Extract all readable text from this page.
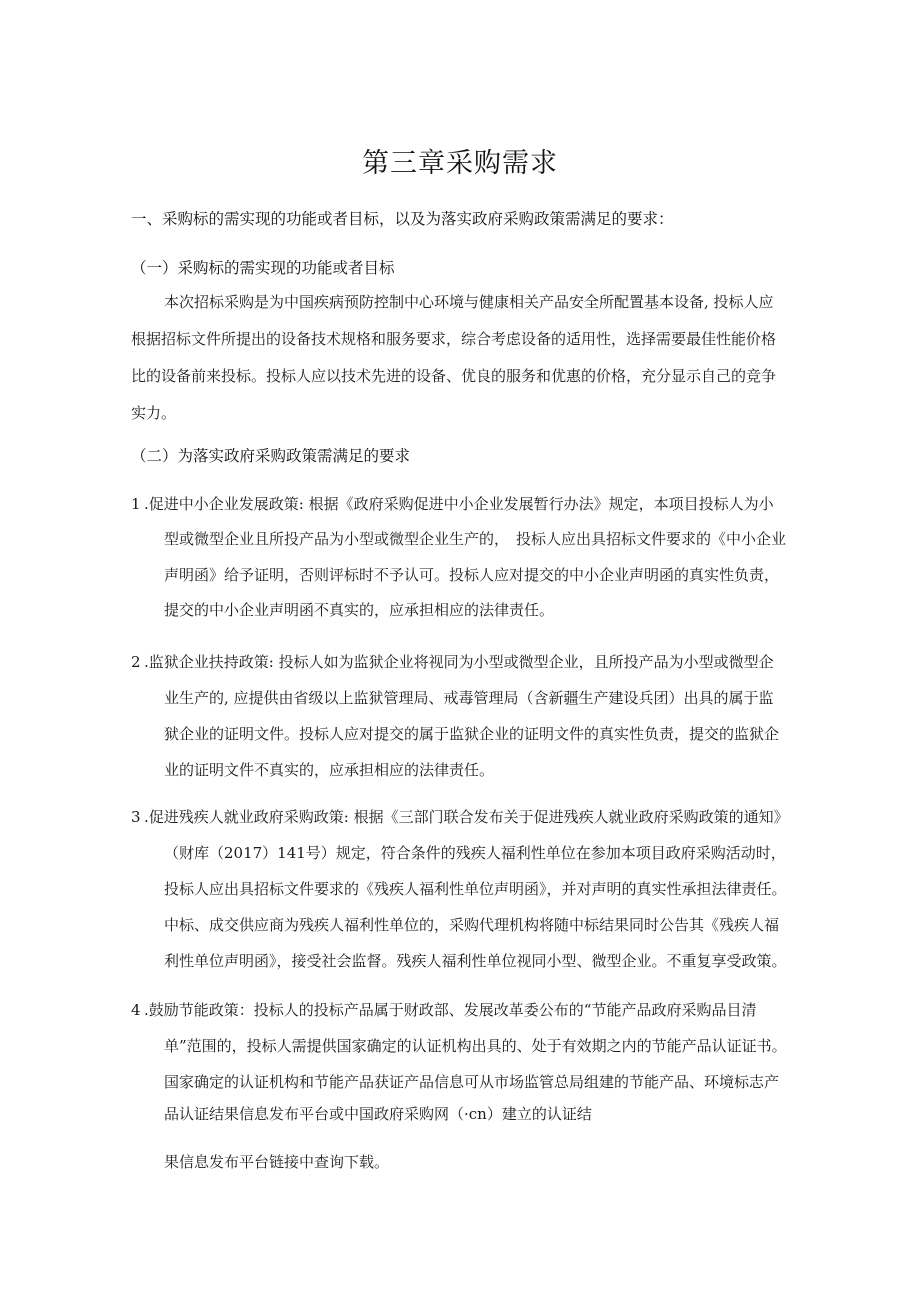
第三章采购需求
一、采购标的需实现的功能或者目标，以及为落实政府采购政策需满足的要求：
（一）采购标的需实现的功能或者目标
本次招标采购是为中国疾病预防控制中心环境与健康相关产品安全所配置基本设备, 投标人应
根据招标文件所提出的设备技术规格和服务要求，综合考虑设备的适用性，选择需要最佳性能价格
比的设备前来投标。投标人应以技术先进的设备、优良的服务和优惠的价格，充分显示自己的竞争
实力。
（二）为落实政府采购政策需满足的要求
1 .促进中小企业发展政策: 根据《政府采购促进中小企业发展暂行办法》规定，本项目投标人为小
型或微型企业且所投产品为小型或微型企业生产的， 投标人应出具招标文件要求的《中小企业
声明函》给予证明，否则评标时不予认可。投标人应对提交的中小企业声明函的真实性负责，
提交的中小企业声明函不真实的，应承担相应的法律责任。
2 .监狱企业扶持政策: 投标人如为监狱企业将视同为小型或微型企业，且所投产品为小型或微型企
业生产的, 应提供由省级以上监狱管理局、戒毒管理局（含新疆生产建设兵团）出具的属于监
狱企业的证明文件。投标人应对提交的属于监狱企业的证明文件的真实性负责，提交的监狱企
业的证明文件不真实的，应承担相应的法律责任。
3 .促进残疾人就业政府采购政策: 根据《三部门联合发布关于促进残疾人就业政府采购政策的通知》
（财库（2017）141号）规定，符合条件的残疾人福利性单位在参加本项目政府采购活动时，
投标人应出具招标文件要求的《残疾人福利性单位声明函》，并对声明的真实性承担法律责任。
中标、成交供应商为残疾人福利性单位的，采购代理机构将随中标结果同时公告其《残疾人福
利性单位声明函》，接受社会监督。残疾人福利性单位视同小型、微型企业。不重复享受政策。
4 .鼓励节能政策：投标人的投标产品属于财政部、发展改革委公布的“节能产品政府采购品目清
单”范围的，投标人需提供国家确定的认证机构出具的、处于有效期之内的节能产品认证证书。
国家确定的认证机构和节能产品获证产品信息可从市场监管总局组建的节能产品、环境标志产
品认证结果信息发布平台或中国政府采购网（·cn）建立的认证结
果信息发布平台链接中查询下载。
